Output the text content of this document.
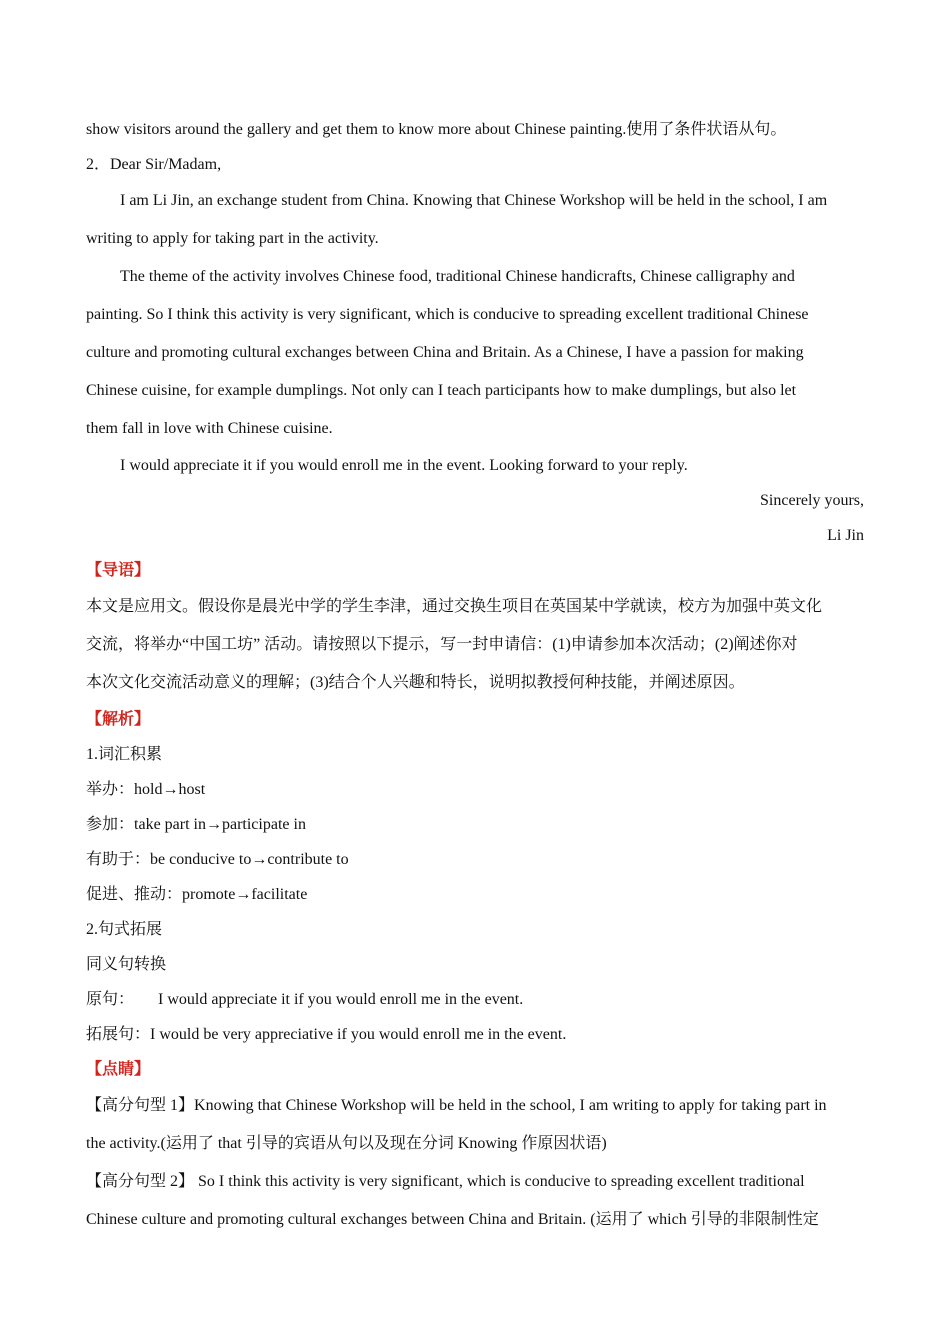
show visitors around the gallery and get them to know more about Chinese painting.使用了条件状语从句。
2．Dear Sir/Madam,
I am Li Jin, an exchange student from China. Knowing that Chinese Workshop will be held in the school, I am
writing to apply for taking part in the activity.
The theme of the activity involves Chinese food, traditional Chinese handicrafts, Chinese calligraphy and
painting. So I think this activity is very significant, which is conducive to spreading excellent traditional Chinese
culture and promoting cultural exchanges between China and Britain. As a Chinese, I have a passion for making
Chinese cuisine, for example dumplings. Not only can I teach participants how to make dumplings, but also let
them fall in love with Chinese cuisine.
I would appreciate it if you would enroll me in the event. Looking forward to your reply.
Sincerely yours,
Li Jin
【导语】
本文是应用文。假设你是晨光中学的学生李津，通过交换生项目在英国某中学就读，校方为加强中英文化
交流，将举办“中国工坊” 活动。请按照以下提示，写一封申请信：(1)申请参加本次活动；(2)阐述你对
本次文化交流活动意义的理解；(3)结合个人兴趣和特长，说明拟教授何种技能，并阐述原因。
【解析】
1.词汇积累
举办：hold→host
参加：take part in→participate in
有助于：be conducive to→contribute to
促进、推动：promote→facilitate
2.句式拓展
同义句转换
原句： I would appreciate it if you would enroll me in the event.
拓展句：I would be very appreciative if you would enroll me in the event.
【点睛】
【高分句型 1】Knowing that Chinese Workshop will be held in the school, I am writing to apply for taking part in
the activity.(运用了 that 引导的宾语从句以及现在分词 Knowing 作原因状语)
【高分句型 2】 So I think this activity is very significant, which is conducive to spreading excellent traditional
Chinese culture and promoting cultural exchanges between China and Britain. (运用了 which 引导的非限制性定
